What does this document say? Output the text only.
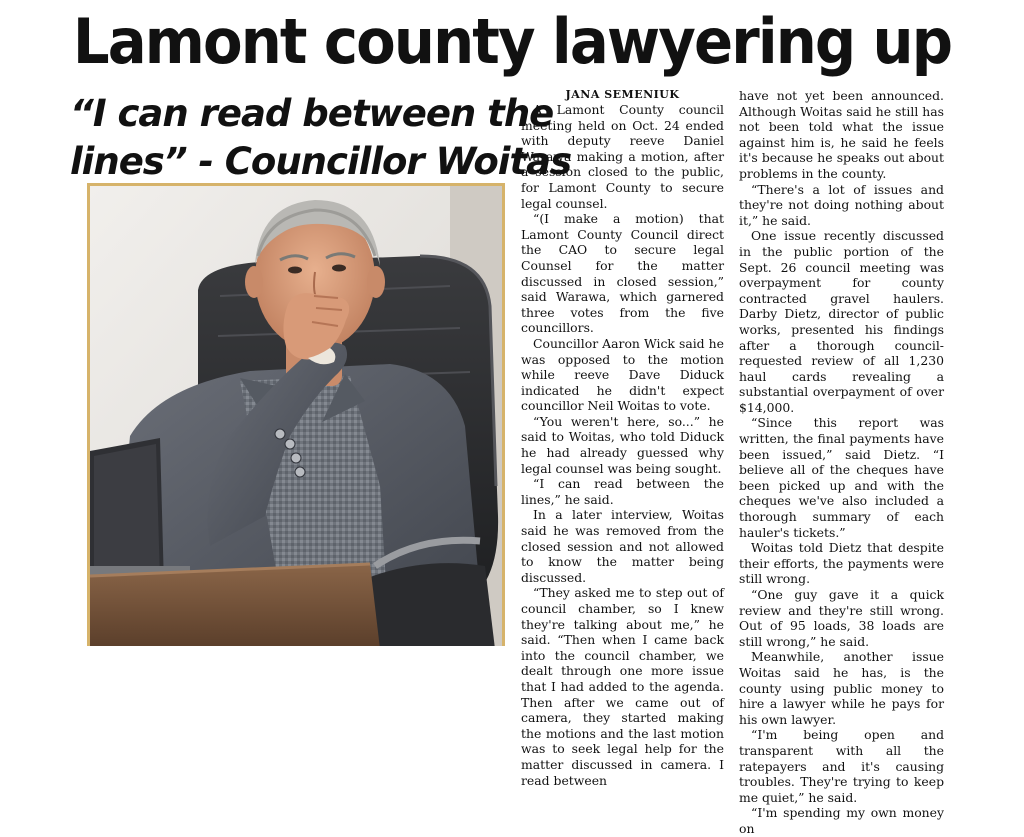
Lamont county lawyering up
“I can read between the
lines” - Councillor Woitas

JANA SEMENIUK

A Lamont County council meeting held on Oct. 24 ended with deputy reeve Daniel Warawa making a motion, after a session closed to the public, for Lamont County to secure legal counsel.

“(I make a motion) that Lamont County Council direct the CAO to secure legal Counsel for the matter discussed in closed session,” said Warawa, which garnered three votes from the five councillors.

Councillor Aaron Wick said he was opposed to the motion while reeve Dave Diduck indicated he didn't expect councillor Neil Woitas to vote.

“You weren't here, so...” he said to Woitas, who told Diduck he had already guessed why legal counsel was being sought.

“I can read between the lines,” he said.

In a later interview, Woitas said he was removed from the closed session and not allowed to know the matter being discussed.

“They asked me to step out of council chamber, so I knew they're talking about me,” he said. “Then when I came back into the council chamber, we dealt through one more issue that I had added to the agenda. Then after we came out of camera, they started making the motions and the last motion was to seek legal help for the matter discussed in camera. I read between

have not yet been announced. Although Woitas said he still has not been told what the issue against him is, he said he feels it's because he speaks out about problems in the county.

“There's a lot of issues and they're not doing nothing about it,” he said.

One issue recently discussed in the public portion of the Sept. 26 council meeting was overpayment for county contracted gravel haulers. Darby Dietz, director of public works, presented his findings after a thorough council-requested review of all 1,230 haul cards revealing a substantial overpayment of over $14,000.

“Since this report was written, the final payments have been issued,” said Dietz. “I believe all of the cheques have been picked up and with the cheques we've also included a thorough summary of each hauler's tickets.”

Woitas told Dietz that despite their efforts, the payments were still wrong.

“One guy gave it a quick review and they're still wrong. Out of 95 loads, 38 loads are still wrong,” he said.

Meanwhile, another issue Woitas said he has, is the county using public money to hire a lawyer while he pays for his own lawyer.

“I'm being open and transparent with all the ratepayers and it's causing troubles. They're trying to keep me quiet,” he said.

“I'm spending my own money on
